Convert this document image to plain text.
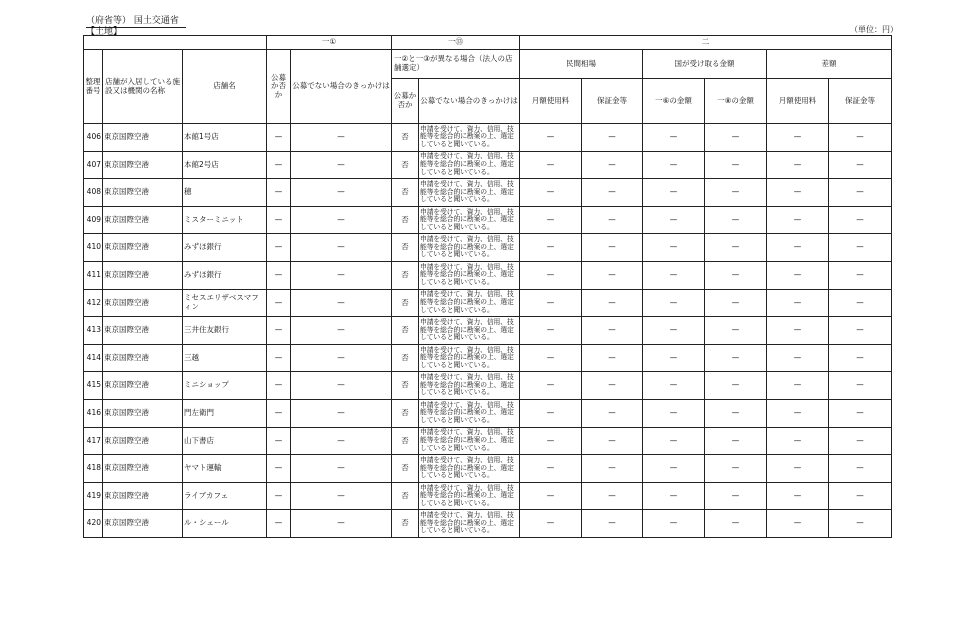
（府省等） 国土交通省
【土地】	（単位：円）
			一①		一⑬		二					
整理番号	店舗が入居している施設又は機関の名称	店舗名	公募か否か	公募でない場合のきっかけは	一②と一③が異なる場合（法人の店舗選定）		民間相場		国が受け取る金額		差額	
					公募か否か	公募でない場合のきっかけは	月額使用料	保証金等	一⑥の金額	一⑧の金額	月額使用料	保証金等
406	東京国際空港	本館1号店	—	—	否	申請を受けて、資力、信用、技能等を総合的に勘案の上、選定していると聞いている。	—	—	—	—	—	—
407	東京国際空港	本館2号店	—	—	否	申請を受けて、資力、信用、技能等を総合的に勘案の上、選定していると聞いている。	—	—	—	—	—	—
408	東京国際空港	穂	—	—	否	申請を受けて、資力、信用、技能等を総合的に勘案の上、選定していると聞いている。	—	—	—	—	—	—
409	東京国際空港	ミスターミニット	—	—	否	申請を受けて、資力、信用、技能等を総合的に勘案の上、選定していると聞いている。	—	—	—	—	—	—
410	東京国際空港	みずほ銀行	—	—	否	申請を受けて、資力、信用、技能等を総合的に勘案の上、選定していると聞いている。	—	—	—	—	—	—
411	東京国際空港	みずほ銀行	—	—	否	申請を受けて、資力、信用、技能等を総合的に勘案の上、選定していると聞いている。	—	—	—	—	—	—
412	東京国際空港	ミセスエリザベスマフィン	—	—	否	申請を受けて、資力、信用、技能等を総合的に勘案の上、選定していると聞いている。	—	—	—	—	—	—
413	東京国際空港	三井住友銀行	—	—	否	申請を受けて、資力、信用、技能等を総合的に勘案の上、選定していると聞いている。	—	—	—	—	—	—
414	東京国際空港	三越	—	—	否	申請を受けて、資力、信用、技能等を総合的に勘案の上、選定していると聞いている。	—	—	—	—	—	—
415	東京国際空港	ミニショップ	—	—	否	申請を受けて、資力、信用、技能等を総合的に勘案の上、選定していると聞いている。	—	—	—	—	—	—
416	東京国際空港	門左衛門	—	—	否	申請を受けて、資力、信用、技能等を総合的に勘案の上、選定していると聞いている。	—	—	—	—	—	—
417	東京国際空港	山下書店	—	—	否	申請を受けて、資力、信用、技能等を総合的に勘案の上、選定していると聞いている。	—	—	—	—	—	—
418	東京国際空港	ヤマト運輸	—	—	否	申請を受けて、資力、信用、技能等を総合的に勘案の上、選定していると聞いている。	—	—	—	—	—	—
419	東京国際空港	ライブカフェ	—	—	否	申請を受けて、資力、信用、技能等を総合的に勘案の上、選定していると聞いている。	—	—	—	—	—	—
420	東京国際空港	ル・シェール	—	—	否	申請を受けて、資力、信用、技能等を総合的に勘案の上、選定していると聞いている。	—	—	—	—	—	—
